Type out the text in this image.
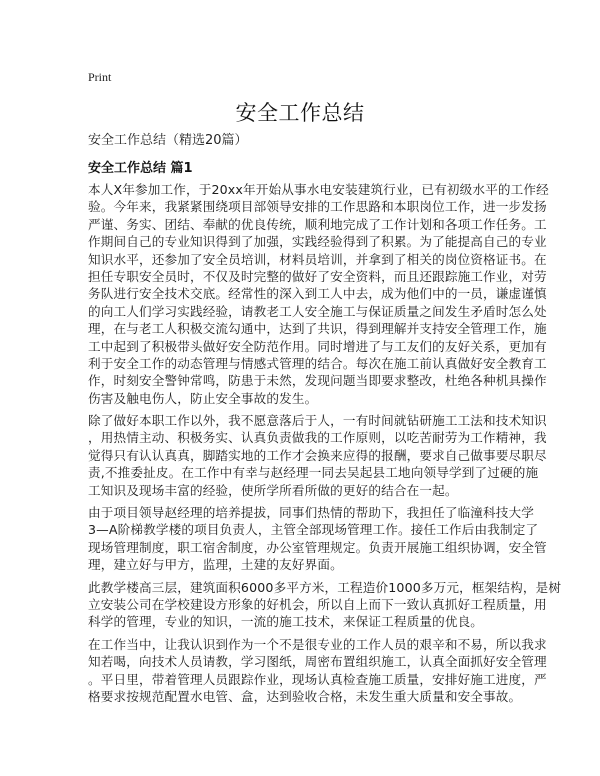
Print
安全工作总结
安全工作总结（精选20篇）
安全工作总结 篇1

本人X年参加工作，于20xx年开始从事水电安装建筑行业，已有初级水平的工作经
验。今年来，我紧紧围绕项目部领导安排的工作思路和本职岗位工作，进一步发扬
严谨、务实、团结、奉献的优良传统，顺利地完成了工作计划和各项工作任务。工
作期间自己的专业知识得到了加强，实践经验得到了积累。为了能提高自己的专业
知识水平，还参加了安全员培训，材料员培训，并拿到了相关的岗位资格证书。在
担任专职安全员时，不仅及时完整的做好了安全资料，而且还跟踪施工作业，对劳
务队进行安全技术交底。经常性的深入到工人中去，成为他们中的一员，谦虚谨慎
的向工人们学习实践经验，请教老工人安全施工与保证质量之间发生矛盾时怎么处
理，在与老工人积极交流勾通中，达到了共识，得到理解并支持安全管理工作，施
工中起到了积极带头做好安全防范作用。同时增进了与工友们的友好关系，更加有
利于安全工作的动态管理与情感式管理的结合。每次在施工前认真做好安全教育工
作，时刻安全警钟常鸣，防患于未然，发现问题当即要求整改，杜绝各种机具操作
伤害及触电伤人，防止安全事故的发生。

除了做好本职工作以外，我不愿意落后于人，一有时间就钻研施工工法和技术知识
，用热情主动、积极务实、认真负责做我的工作原则，以吃苦耐劳为工作精神，我
觉得只有认认真真，脚踏实地的工作才会换来应得的报酬，要求自己做事要尽职尽
责,不推委扯皮。在工作中有幸与赵经理一同去吴起县工地向领导学到了过硬的施
工知识及现场丰富的经验，使所学所看所做的更好的结合在一起。

由于项目领导赵经理的培养提拔，同事们热情的帮助下，我担任了临潼科技大学
3—A阶梯教学楼的项目负责人，主管全部现场管理工作。接任工作后由我制定了
现场管理制度，职工宿舍制度，办公室管理规定。负责开展施工组织协调，安全管
理，建立好与甲方，监理，土建的友好界面。

此教学楼高三层，建筑面积6000多平方米，工程造价1000多万元，框架结构，是树
立安装公司在学校建设方形象的好机会，所以自上而下一致认真抓好工程质量，用
科学的管理，专业的知识，一流的施工技术，来保证工程质量的优良。

在工作当中，让我认识到作为一个不是很专业的工作人员的艰辛和不易，所以我求
知若喝，向技术人员请教，学习图纸，周密布置组织施工，认真全面抓好安全管理
。平日里，带着管理人员跟踪作业，现场认真检查施工质量，安排好施工进度，严
格要求按规范配置水电管、盒，达到验收合格，未发生重大质量和安全事故。
